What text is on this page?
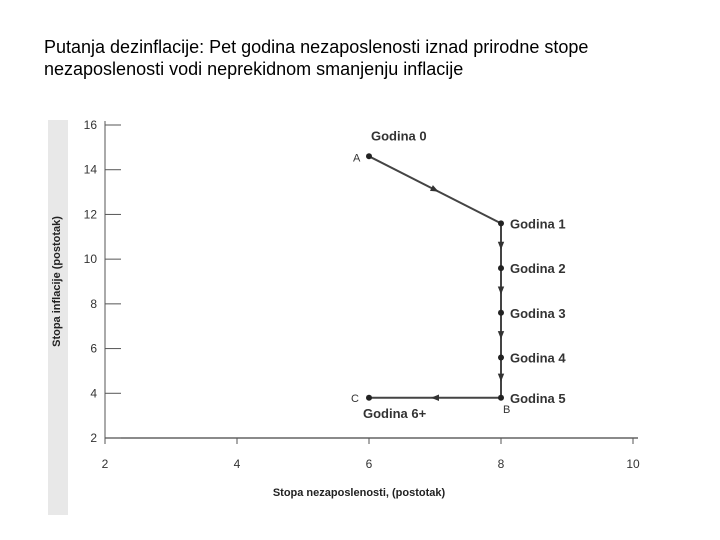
Putanja dezinflacije: Pet godina nezaposlenosti iznad prirodne stope
nezaposlenosti vodi neprekidnom smanjenju inflacije
2
4
6
8
10
12
14
16
2	4	6	8	10
Godina 0
A
Godina 1
Godina 2
Godina 3
Godina 4
Godina 5
B
Godina 6+
C
Stopa nezaposlenosti, (postotak)
Stopa inflacije (postotak)
